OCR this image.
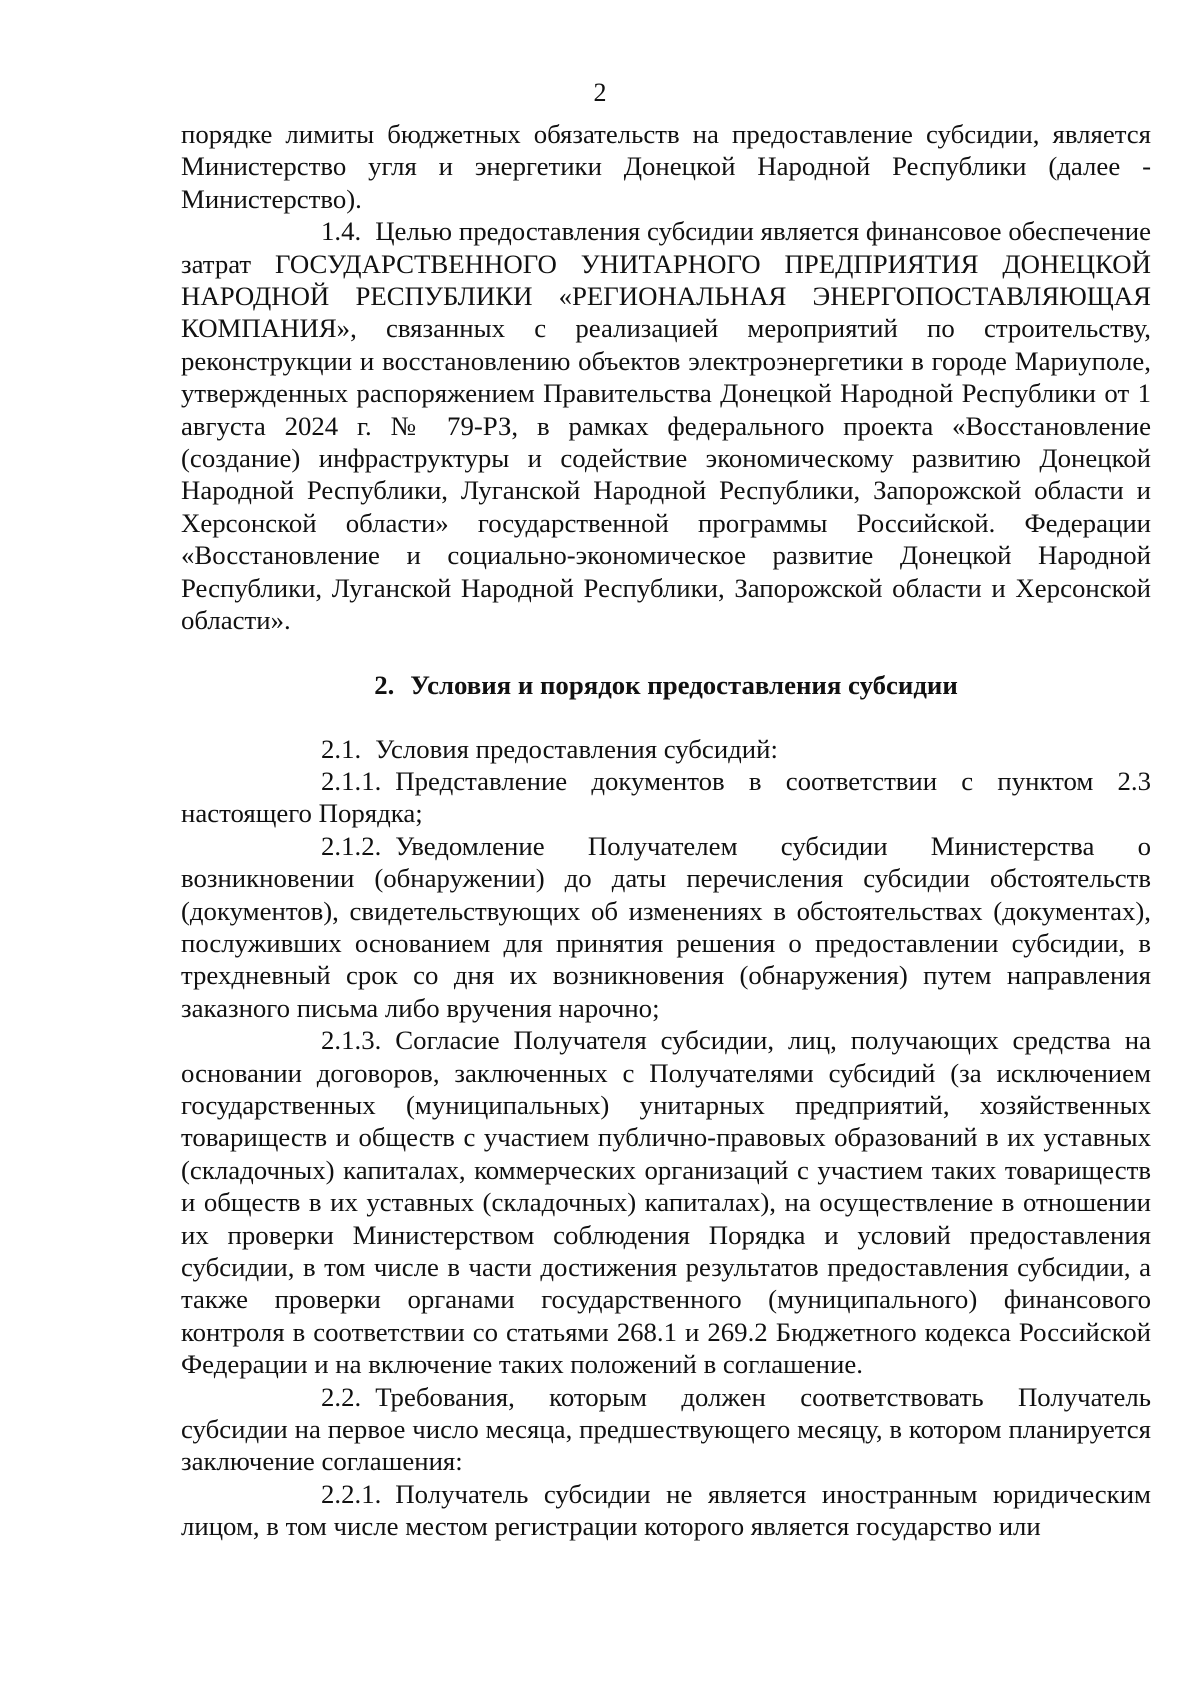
2

порядке лимиты бюджетных обязательств на предоставление субсидии, является Министерство угля и энергетики Донецкой Народной Республики (далее - Министерство).

1.4. Целью предоставления субсидии является финансовое обеспечение затрат ГОСУДАРСТВЕННОГО УНИТАРНОГО ПРЕДПРИЯТИЯ ДОНЕЦКОЙ НАРОДНОЙ РЕСПУБЛИКИ «РЕГИОНАЛЬНАЯ ЭНЕРГОПОСТАВЛЯЮЩАЯ КОМПАНИЯ», связанных с реализацией мероприятий по строительству, реконструкции и восстановлению объектов электроэнергетики в городе Мариуполе, утвержденных распоряжением Правительства Донецкой Народной Республики от 1 августа 2024 г. № 79-РЗ, в рамках федерального проекта «Восстановление (создание) инфраструктуры и содействие экономическому развитию Донецкой Народной Республики, Луганской Народной Республики, Запорожской области и Херсонской области» государственной программы Российской. Федерации «Восстановление и социально-экономическое развитие Донецкой Народной Республики, Луганской Народной Республики, Запорожской области и Херсонской области».

2. Условия и порядок предоставления субсидии

2.1. Условия предоставления субсидий:

2.1.1. Представление документов в соответствии с пунктом 2.3 настоящего Порядка;

2.1.2. Уведомление Получателем субсидии Министерства о возникновении (обнаружении) до даты перечисления субсидии обстоятельств (документов), свидетельствующих об изменениях в обстоятельствах (документах), послуживших основанием для принятия решения о предоставлении субсидии, в трехдневный срок со дня их возникновения (обнаружения) путем направления заказного письма либо вручения нарочно;

2.1.3. Согласие Получателя субсидии, лиц, получающих средства на основании договоров, заключенных с Получателями субсидий (за исключением государственных (муниципальных) унитарных предприятий, хозяйственных товариществ и обществ с участием публично-правовых образований в их уставных (складочных) капиталах, коммерческих организаций с участием таких товариществ и обществ в их уставных (складочных) капиталах), на осуществление в отношении их проверки Министерством соблюдения Порядка и условий предоставления субсидии, в том числе в части достижения результатов предоставления субсидии, а также проверки органами государственного (муниципального) финансового контроля в соответствии со статьями 268.1 и 269.2 Бюджетного кодекса Российской Федерации и на включение таких положений в соглашение.

2.2. Требования, которым должен соответствовать Получатель субсидии на первое число месяца, предшествующего месяцу, в котором планируется заключение соглашения:

2.2.1. Получатель субсидии не является иностранным юридическим лицом, в том числе местом регистрации которого является государство или
